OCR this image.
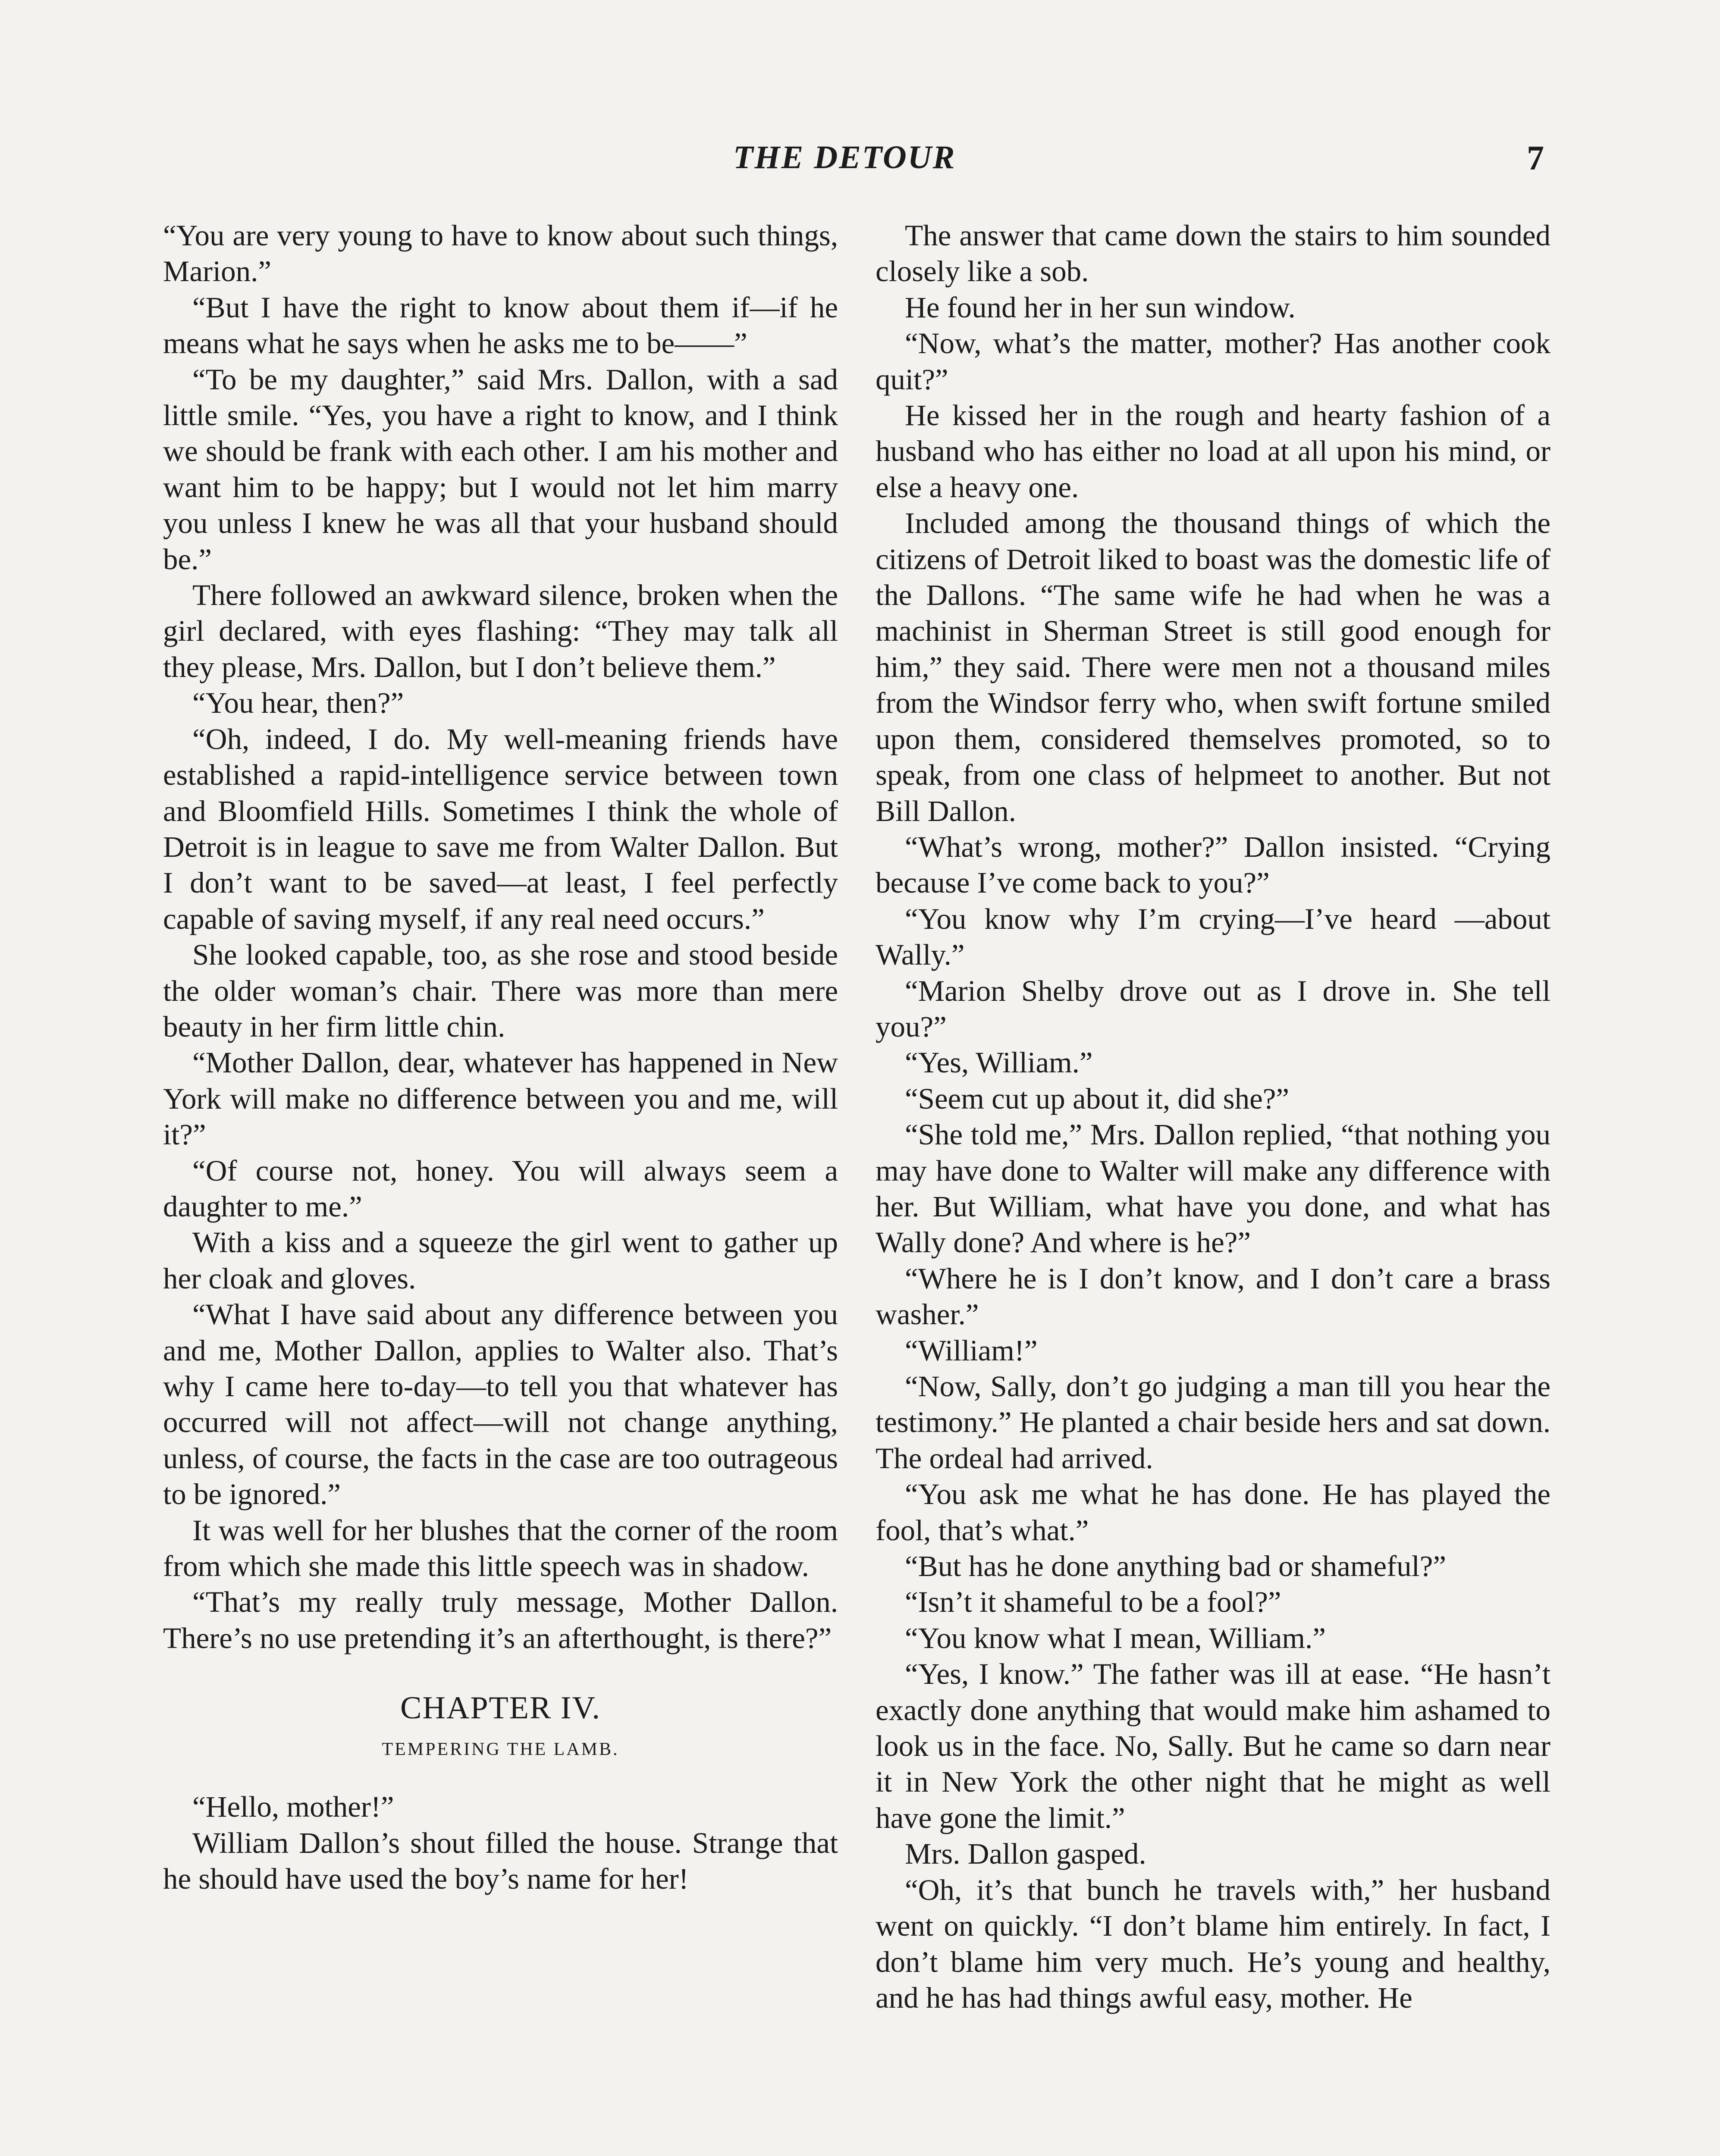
THE DETOUR	7

“You are very young to have to know about such things, Marion.”

“But I have the right to know about them if—if he means what he says when he asks me to be——”

“To be my daughter,” said Mrs. Dallon, with a sad little smile. “Yes, you have a right to know, and I think we should be frank with each other. I am his mother and want him to be happy; but I would not let him marry you unless I knew he was all that your husband should be.”

There followed an awkward silence, broken when the girl declared, with eyes flashing: “They may talk all they please, Mrs. Dallon, but I don’t believe them.”

“You hear, then?”

“Oh, indeed, I do. My well-meaning friends have established a rapid-intelligence service between town and Bloomfield Hills. Sometimes I think the whole of Detroit is in league to save me from Walter Dallon. But I don’t want to be saved—at least, I feel perfectly capable of saving myself, if any real need occurs.”

She looked capable, too, as she rose and stood beside the older woman’s chair. There was more than mere beauty in her firm little chin.

“Mother Dallon, dear, whatever has happened in New York will make no difference between you and me, will it?”

“Of course not, honey. You will always seem a daughter to me.”

With a kiss and a squeeze the girl went to gather up her cloak and gloves.

“What I have said about any difference between you and me, Mother Dallon, applies to Walter also. That’s why I came here to-day—to tell you that whatever has occurred will not affect—will not change anything, unless, of course, the facts in the case are too outrageous to be ignored.”

It was well for her blushes that the corner of the room from which she made this little speech was in shadow.

“That’s my really truly message, Mother Dallon. There’s no use pretending it’s an afterthought, is there?”

CHAPTER IV.
TEMPERING THE LAMB.

“Hello, mother!”

William Dallon’s shout filled the house. Strange that he should have used the boy’s name for her!

The answer that came down the stairs to him sounded closely like a sob.

He found her in her sun window.

“Now, what’s the matter, mother? Has another cook quit?”

He kissed her in the rough and hearty fashion of a husband who has either no load at all upon his mind, or else a heavy one.

Included among the thousand things of which the citizens of Detroit liked to boast was the domestic life of the Dallons. “The same wife he had when he was a machinist in Sherman Street is still good enough for him,” they said. There were men not a thousand miles from the Windsor ferry who, when swift fortune smiled upon them, considered themselves promoted, so to speak, from one class of helpmeet to another. But not Bill Dallon.

“What’s wrong, mother?” Dallon insisted. “Crying because I’ve come back to you?”

“You know why I’m crying—I’ve heard —about Wally.”

“Marion Shelby drove out as I drove in. She tell you?”

“Yes, William.”

“Seem cut up about it, did she?”

“She told me,” Mrs. Dallon replied, “that nothing you may have done to Walter will make any difference with her. But William, what have you done, and what has Wally done? And where is he?”

“Where he is I don’t know, and I don’t care a brass washer.”

“William!”

“Now, Sally, don’t go judging a man till you hear the testimony.” He planted a chair beside hers and sat down. The ordeal had arrived.

“You ask me what he has done. He has played the fool, that’s what.”

“But has he done anything bad or shameful?”

“Isn’t it shameful to be a fool?”

“You know what I mean, William.”

“Yes, I know.” The father was ill at ease. “He hasn’t exactly done anything that would make him ashamed to look us in the face. No, Sally. But he came so darn near it in New York the other night that he might as well have gone the limit.”

Mrs. Dallon gasped.

“Oh, it’s that bunch he travels with,” her husband went on quickly. “I don’t blame him entirely. In fact, I don’t blame him very much. He’s young and healthy, and he has had things awful easy, mother. He
